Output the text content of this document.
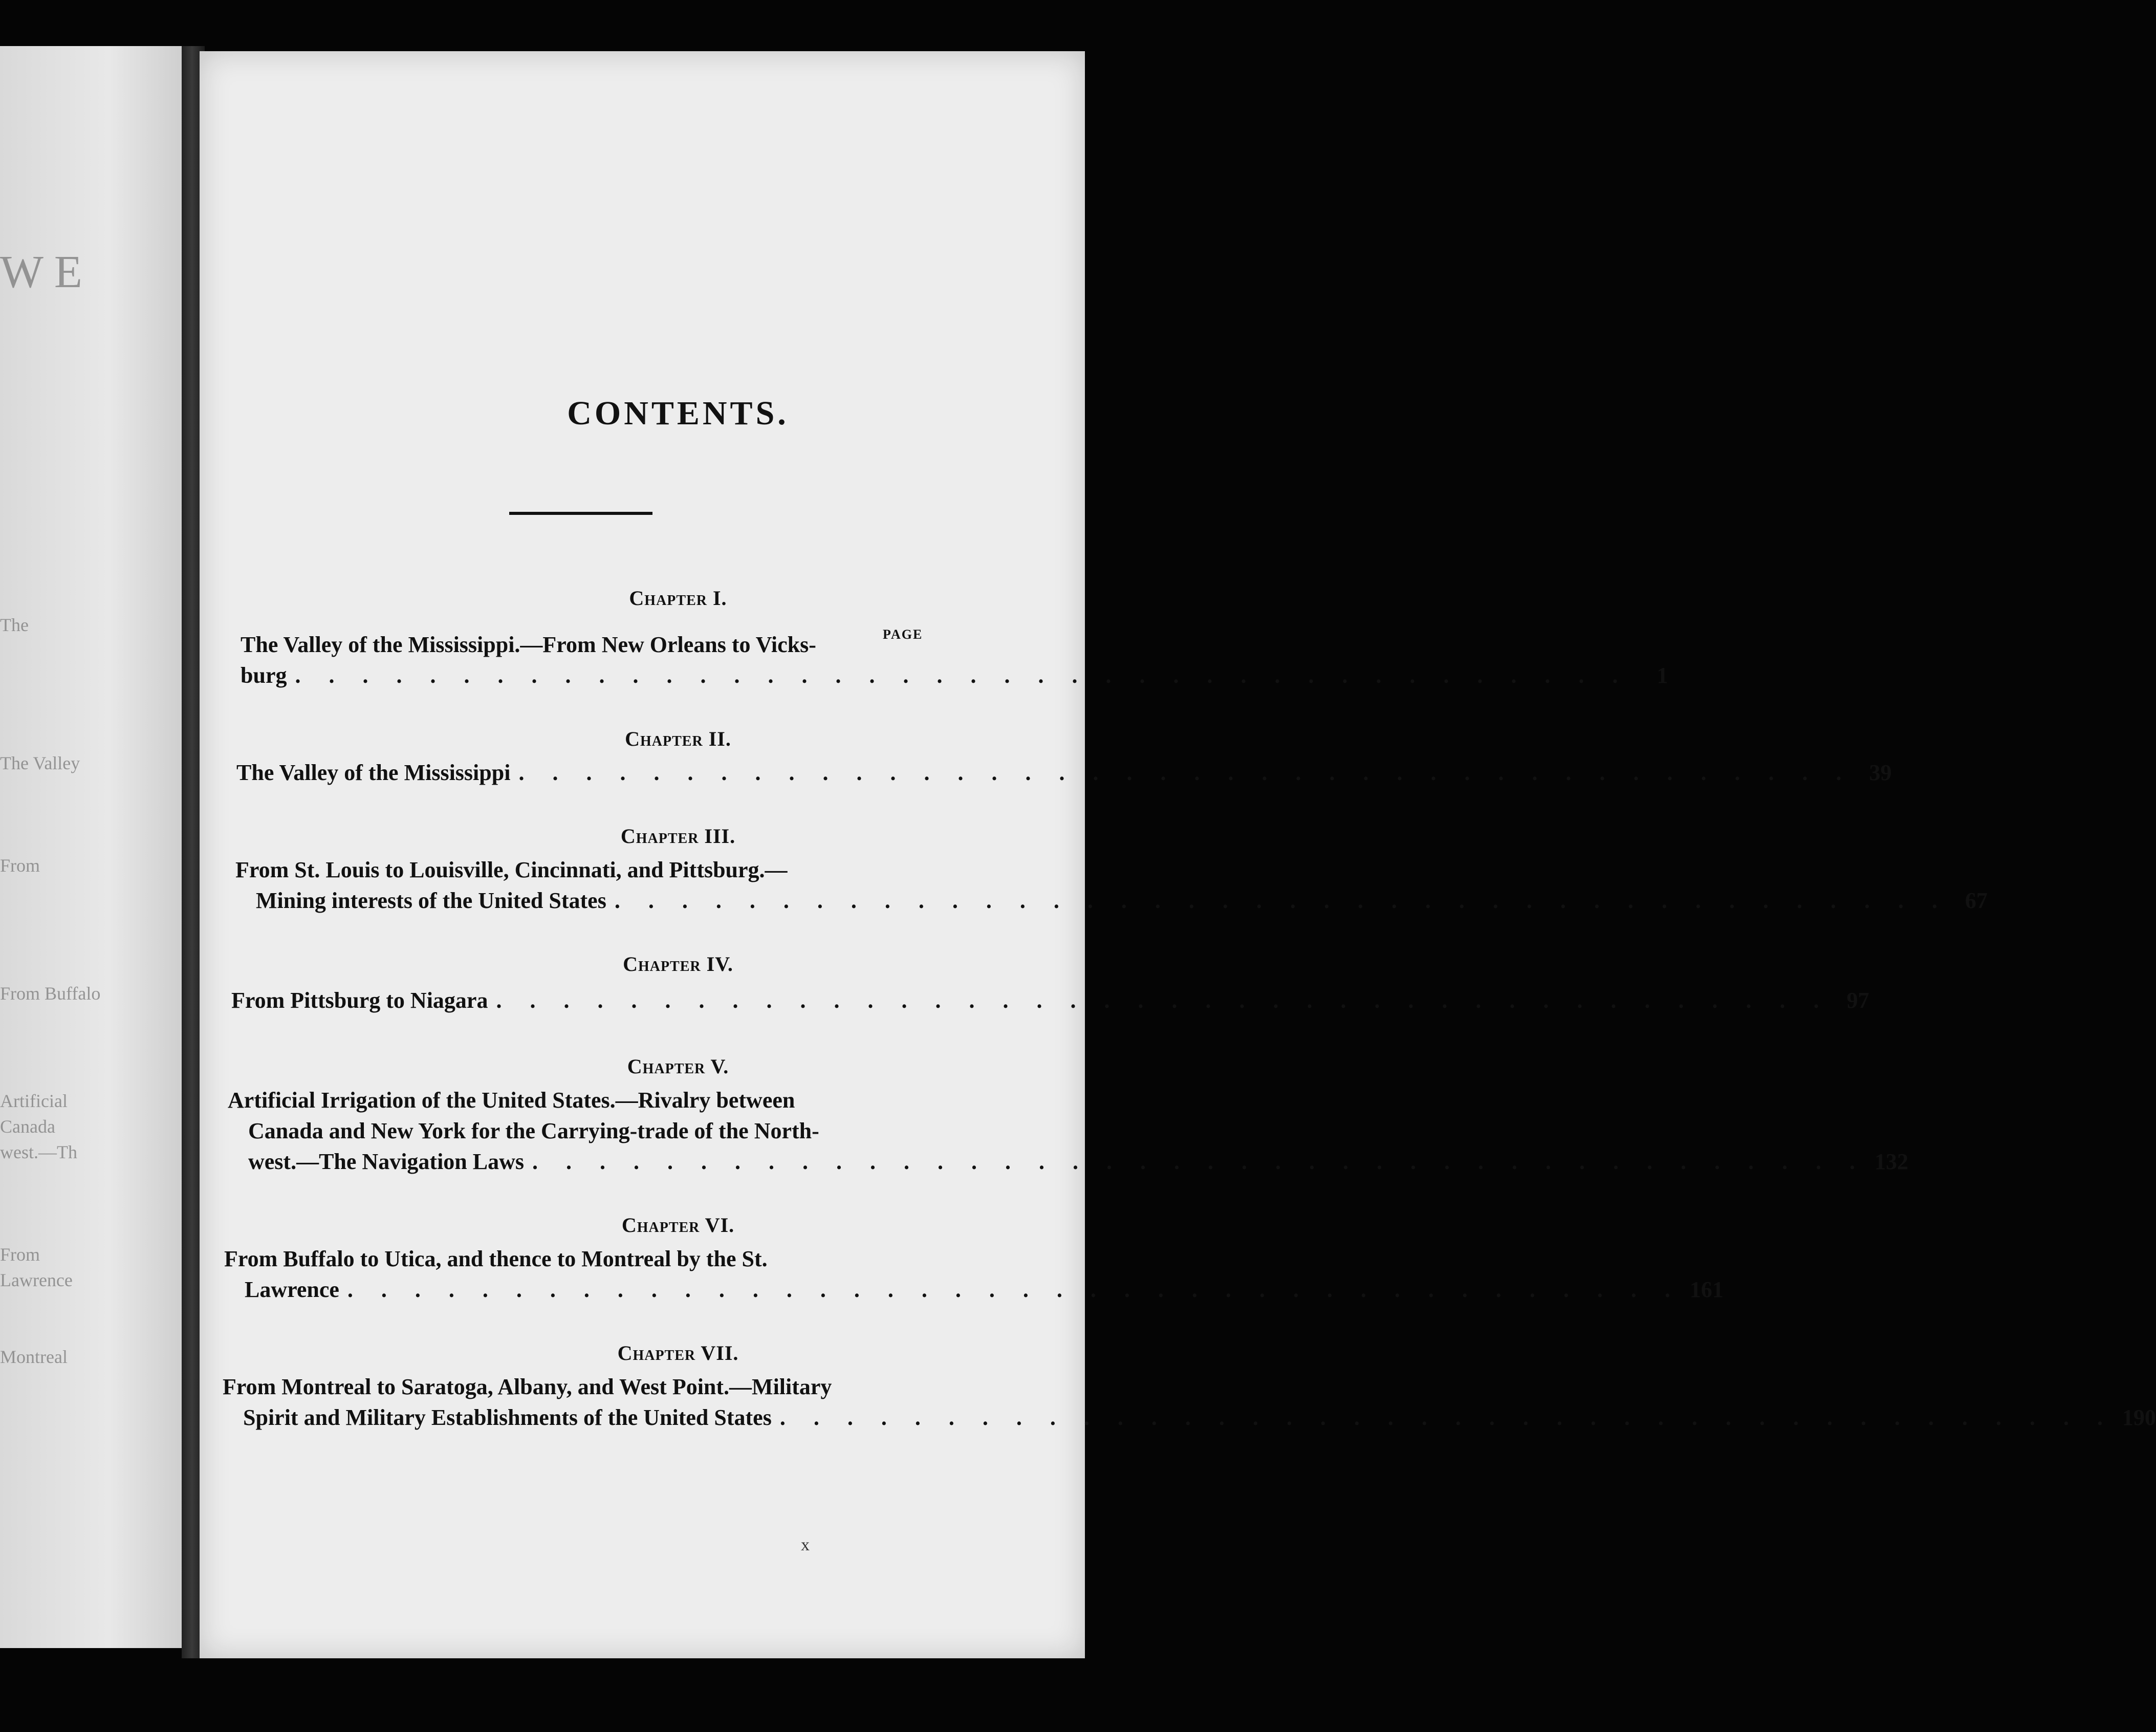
W E
The
The Valley
From
From Buffalo
Artificial
Canada
west.—Th
From
Lawrence
Montreal
CONTENTS.
PAGE
Chapter I.
The Valley of the Mississippi.—From New Orleans to Vicks-
burg . . . . . . . . . . . . . . . . . . . . . . . . . . . . . . . . . . . . . . . .	1
Chapter II.
The Valley of the Mississippi . . . . . . . . . . . . . . . . . . . . . . . . . . . . . . . . . . . . . . . . 39
Chapter III.
From St. Louis to Louisville, Cincinnati, and Pittsburg.—
Mining interests of the United States . . . . . . . . . . . . . . . . . . . . . . . . . . . . . . . . . . . . . . . . 67
Chapter IV.
From Pittsburg to Niagara . . . . . . . . . . . . . . . . . . . . . . . . . . . . . . . . . . . . . . . . 97
Chapter V.
Artificial Irrigation of the United States.—Rivalry between
Canada and New York for the Carrying-trade of the North-
west.—The Navigation Laws . . . . . . . . . . . . . . . . . . . . . . . . . . . . . . . . . . . . . . . . 132
Chapter VI.
From Buffalo to Utica, and thence to Montreal by the St.
Lawrence . . . . . . . . . . . . . . . . . . . . . . . . . . . . . . . . . . . . . . . . 161
Chapter VII.
From Montreal to Saratoga, Albany, and West Point.—Military
Spirit and Military Establishments of the United States . . . . . . . . . . . . . . . . . . . . . . . . . . . . . . . . . . . . . . . . 190
x
